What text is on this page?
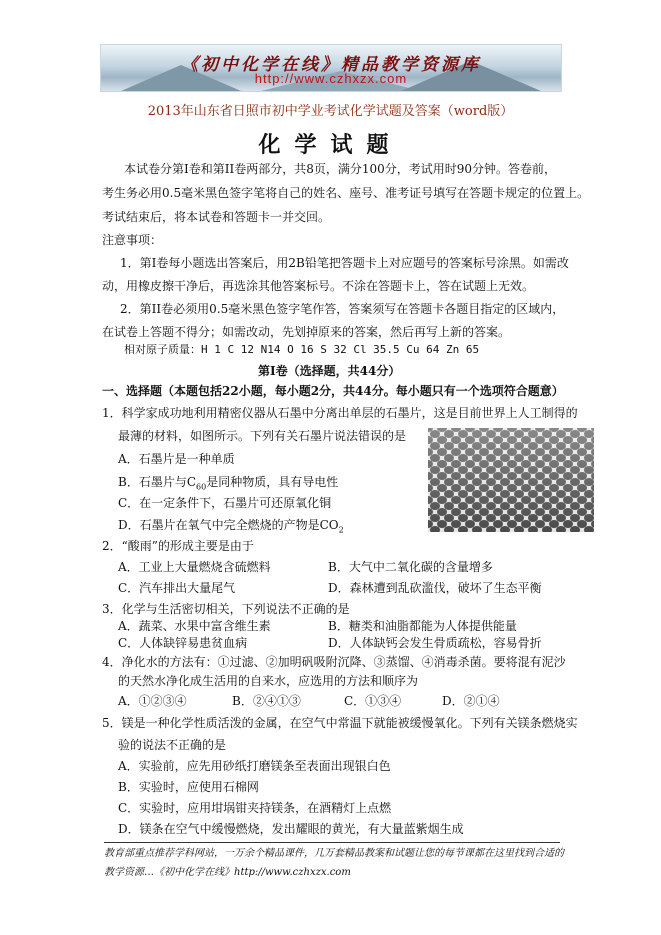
《初中化学在线》精品教学资源库
http://www.czhxzx.com
2013年山东省日照市初中学业考试化学试题及答案（word版）
化学试题
本试卷分第I卷和第II卷两部分，共8页，满分100分，考试用时90分钟。答卷前，
考生务必用0.5毫米黑色签字笔将自己的姓名、座号、准考证号填写在答题卡规定的位置上。
考试结束后，将本试卷和答题卡一并交回。
注意事项：
1．第I卷每小题选出答案后，用2B铅笔把答题卡上对应题号的答案标号涂黑。如需改
动，用橡皮擦干净后，再选涂其他答案标号。不涂在答题卡上，答在试题上无效。
2．第II卷必须用0.5毫米黑色签字笔作答，答案须写在答题卡各题目指定的区域内，
在试卷上答题不得分；如需改动，先划掉原来的答案，然后再写上新的答案。
相对原子质量：H 1 C 12 N14 O 16 S 32 Cl 35.5 Cu 64 Zn 65
第I卷（选择题，共44分）
一、选择题（本题包括22小题，每小题2分，共44分。每小题只有一个选项符合题意）
1．科学家成功地利用精密仪器从石墨中分离出单层的石墨片，这是目前世界上人工制得的
最薄的材料，如图所示。下列有关石墨片说法错误的是
A．石墨片是一种单质
B．石墨片与$C_{60}$是同种物质，具有导电性
C．在一定条件下，石墨片可还原氧化铜
D．石墨片在氧气中完全燃烧的产物是$CO_2$
2．“酸雨”的形成主要是由于
A．工业上大量燃烧含硫燃料	B．大气中二氧化碳的含量增多
C．汽车排出大量尾气	D．森林遭到乱砍滥伐，破坏了生态平衡
3．化学与生活密切相关，下列说法不正确的是
A．蔬菜、水果中富含维生素	B．糖类和油脂都能为人体提供能量
C．人体缺锌易患贫血病	D．人体缺钙会发生骨质疏松，容易骨折
4．净化水的方法有：①过滤、②加明矾吸附沉降、③蒸馏、④消毒杀菌。要将混有泥沙
的天然水净化成生活用的自来水，应选用的方法和顺序为
A．①②③④	B．②④①③	C．①③④	D．②①④
5．镁是一种化学性质活泼的金属，在空气中常温下就能被缓慢氧化。下列有关镁条燃烧实
验的说法不正确的是
A．实验前，应先用砂纸打磨镁条至表面出现银白色
B．实验时，应使用石棉网
C．实验时，应用坩埚钳夹持镁条，在酒精灯上点燃
D．镁条在空气中缓慢燃烧，发出耀眼的黄光，有大量蓝紫烟生成
教育部重点推荐学科网站，一万余个精品课件，几万套精品教案和试题让您的每节课都在这里找到合适的
教学资源…《初中化学在线》http://www.czhxzx.com
